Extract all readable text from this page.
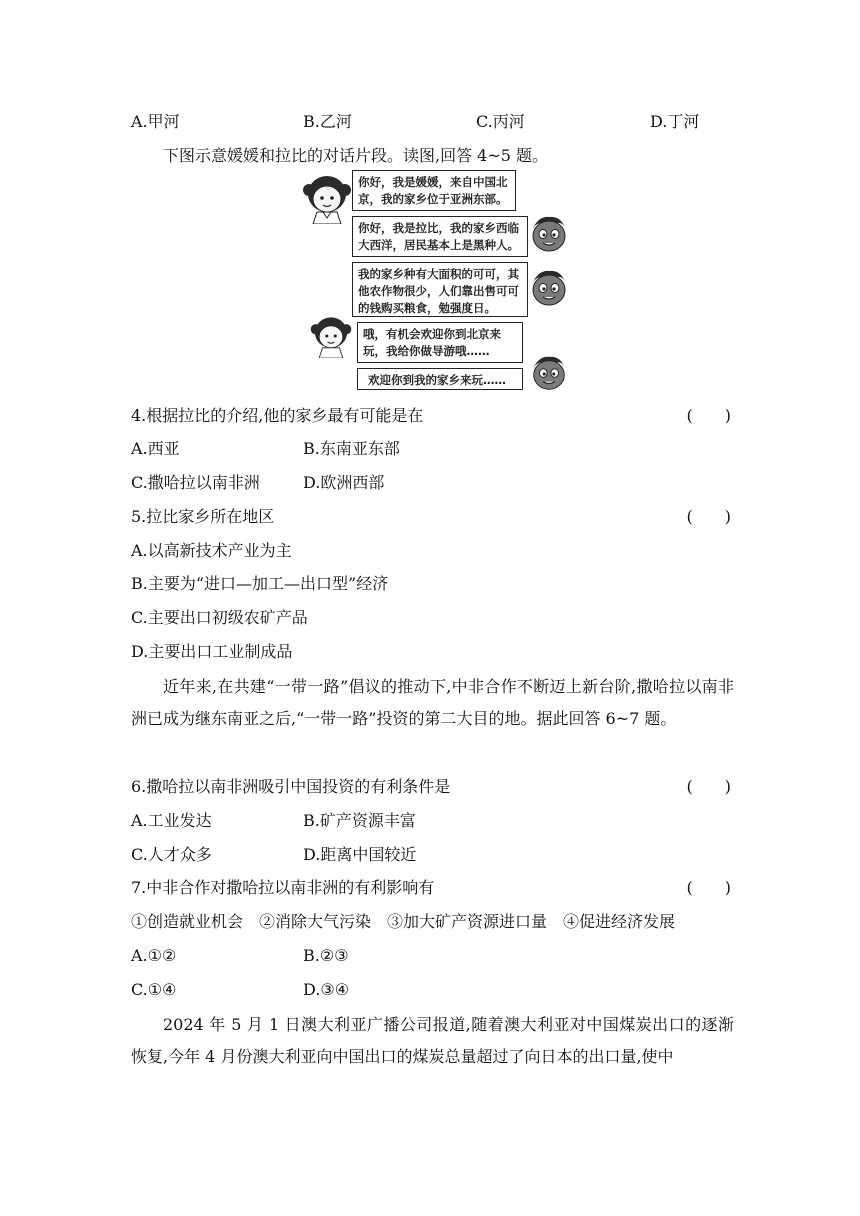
A.甲河	B.乙河	C.丙河	D.丁河
下图示意媛媛和拉比的对话片段。读图,回答 4~5 题。
你好，我是媛媛，来自中国北京，我的家乡位于亚洲东部。
你好，我是拉比，我的家乡西临大西洋，居民基本上是黑种人。
我的家乡种有大面积的可可，其他农作物很少，人们靠出售可可的钱购买粮食，勉强度日。
哦，有机会欢迎你到北京来玩，我给你做导游哦……
欢迎你到我的家乡来玩……
4.根据拉比的介绍,他的家乡最有可能是在	(　　)
A.西亚	B.东南亚东部
C.撒哈拉以南非洲	D.欧洲西部
5.拉比家乡所在地区	(　　)
A.以高新技术产业为主
B.主要为“进口—加工—出口型”经济
C.主要出口初级农矿产品
D.主要出口工业制成品
近年来,在共建“一带一路”倡议的推动下,中非合作不断迈上新台阶,撒哈拉以南非洲已成为继东南亚之后,“一带一路”投资的第二大目的地。据此回答 6~7 题。
6.撒哈拉以南非洲吸引中国投资的有利条件是	(　　)
A.工业发达	B.矿产资源丰富
C.人才众多	D.距离中国较近
7.中非合作对撒哈拉以南非洲的有利影响有	(　　)
①创造就业机会　②消除大气污染　③加大矿产资源进口量　④促进经济发展
A.①②	B.②③
C.①④	D.③④
2024 年 5 月 1 日澳大利亚广播公司报道,随着澳大利亚对中国煤炭出口的逐渐恢复,今年 4 月份澳大利亚向中国出口的煤炭总量超过了向日本的出口量,使中
